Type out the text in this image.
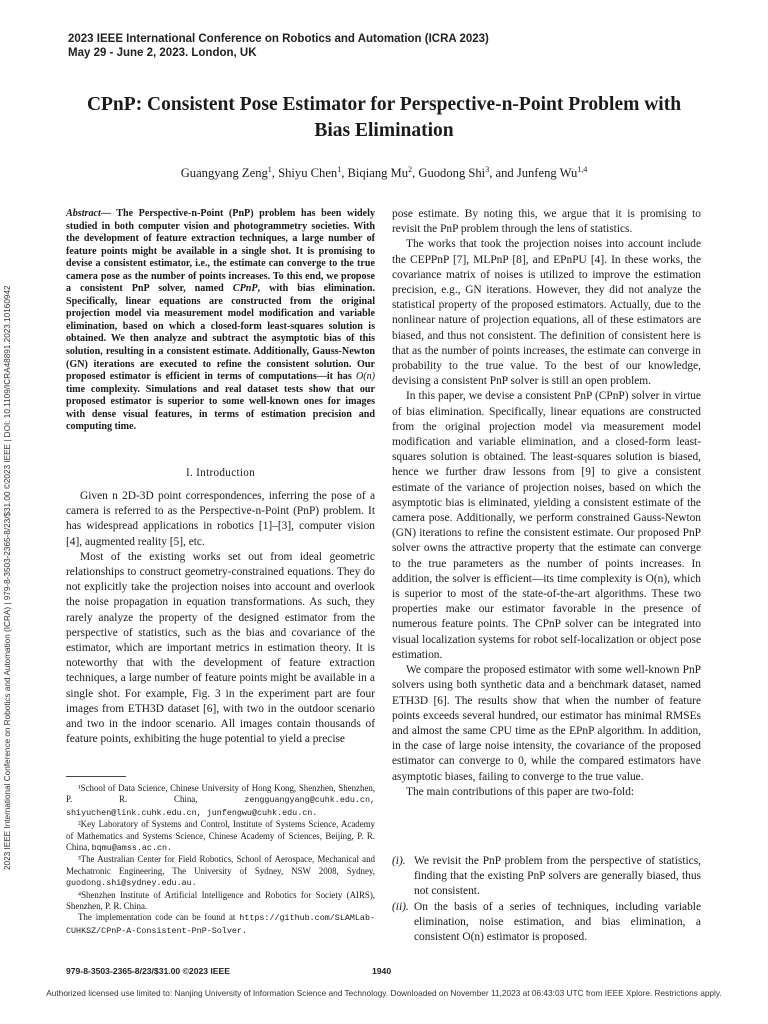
2023 IEEE International Conference on Robotics and Automation (ICRA 2023)
May 29 - June 2, 2023. London, UK
2023 IEEE International Conference on Robotics and Automation (ICRA) | 979-8-3503-2365-8/23/$31.00 ©2023 IEEE | DOI: 10.1109/ICRA48891.2023.10160942
CPnP: Consistent Pose Estimator for Perspective-n-Point Problem with
Bias Elimination
Guangyang Zeng$^1$, Shiyu Chen$^1$, Biqiang Mu$^2$, Guodong Shi$^3$, and Junfeng Wu$^{1,4}$

Abstract— The Perspective-n-Point (PnP) problem has been widely studied in both computer vision and photogrammetry societies. With the development of feature extraction techniques, a large number of feature points might be available in a single shot. It is promising to devise a consistent estimator, i.e., the estimate can converge to the true camera pose as the number of points increases. To this end, we propose a consistent PnP solver, named CPnP, with bias elimination. Specifically, linear equations are constructed from the original projection model via measurement model modification and variable elimination, based on which a closed-form least-squares solution is obtained. We then analyze and subtract the asymptotic bias of this solution, resulting in a consistent estimate. Additionally, Gauss-Newton (GN) iterations are executed to refine the consistent solution. Our proposed estimator is efficient in terms of computations—it has O(n) time complexity. Simulations and real dataset tests show that our proposed estimator is superior to some well-known ones for images with dense visual features, in terms of estimation precision and computing time.

I. Introduction

Given n 2D-3D point correspondences, inferring the pose of a camera is referred to as the Perspective-n-Point (PnP) problem. It has widespread applications in robotics [1]–[3], computer vision [4], augmented reality [5], etc.

Most of the existing works set out from ideal geometric relationships to construct geometry-constrained equations. They do not explicitly take the projection noises into account and overlook the noise propagation in equation transformations. As such, they rarely analyze the property of the designed estimator from the perspective of statistics, such as the bias and covariance of the estimator, which are important metrics in estimation theory. It is noteworthy that with the development of feature extraction techniques, a large number of feature points might be available in a single shot. For example, Fig. 3 in the experiment part are four images from ETH3D dataset [6], with two in the outdoor scenario and two in the indoor scenario. All images contain thousands of feature points, exhibiting the huge potential to yield a precise

¹School of Data Science, Chinese University of Hong Kong, Shenzhen, Shenzhen, P. R. China, zengguangyang@cuhk.edu.cn, shiyuchen@link.cuhk.edu.cn, junfengwu@cuhk.edu.cn.

²Key Laboratory of Systems and Control, Institute of Systems Science, Academy of Mathematics and Systems Science, Chinese Academy of Sciences, Beijing, P. R. China, bqmu@amss.ac.cn.

³The Australian Center for Field Robotics, School of Aerospace, Mechanical and Mechatronic Engineering, The University of Sydney, NSW 2008, Sydney, guodong.shi@sydney.edu.au.

⁴Shenzhen Institute of Artificial Intelligence and Robotics for Society (AIRS), Shenzhen, P. R. China.

The implementation code can be found at https://github.com/SLAMLab-CUHKSZ/CPnP-A-Consistent-PnP-Solver.

pose estimate. By noting this, we argue that it is promising to revisit the PnP problem through the lens of statistics.

The works that took the projection noises into account include the CEPPnP [7], MLPnP [8], and EPnPU [4]. In these works, the covariance matrix of noises is utilized to improve the estimation precision, e.g., GN iterations. However, they did not analyze the statistical property of the proposed estimators. Actually, due to the nonlinear nature of projection equations, all of these estimators are biased, and thus not consistent. The definition of consistent here is that as the number of points increases, the estimate can converge in probability to the true value. To the best of our knowledge, devising a consistent PnP solver is still an open problem.

In this paper, we devise a consistent PnP (CPnP) solver in virtue of bias elimination. Specifically, linear equations are constructed from the original projection model via measurement model modification and variable elimination, and a closed-form least-squares solution is obtained. The least-squares solution is biased, hence we further draw lessons from [9] to give a consistent estimate of the variance of projection noises, based on which the asymptotic bias is eliminated, yielding a consistent estimate of the camera pose. Additionally, we perform constrained Gauss-Newton (GN) iterations to refine the consistent estimate. Our proposed PnP solver owns the attractive property that the estimate can converge to the true parameters as the number of points increases. In addition, the solver is efficient—its time complexity is O(n), which is superior to most of the state-of-the-art algorithms. These two properties make our estimator favorable in the presence of numerous feature points. The CPnP solver can be integrated into visual localization systems for robot self-localization or object pose estimation.

We compare the proposed estimator with some well-known PnP solvers using both synthetic data and a benchmark dataset, named ETH3D [6]. The results show that when the number of feature points exceeds several hundred, our estimator has minimal RMSEs and almost the same CPU time as the EPnP algorithm. In addition, in the case of large noise intensity, the covariance of the proposed estimator can converge to 0, while the compared estimators have asymptotic biases, failing to converge to the true value.

The main contributions of this paper are two-fold:

(i). We revisit the PnP problem from the perspective of statistics, finding that the existing PnP solvers are generally biased, thus not consistent.
(ii). On the basis of a series of techniques, including variable elimination, noise estimation, and bias elimination, a consistent O(n) estimator is proposed.
979-8-3503-2365-8/23/$31.00 ©2023 IEEE	1940
Authorized licensed use limited to: Nanjing University of Information Science and Technology. Downloaded on November 11,2023 at 06:43:03 UTC from IEEE Xplore. Restrictions apply.
